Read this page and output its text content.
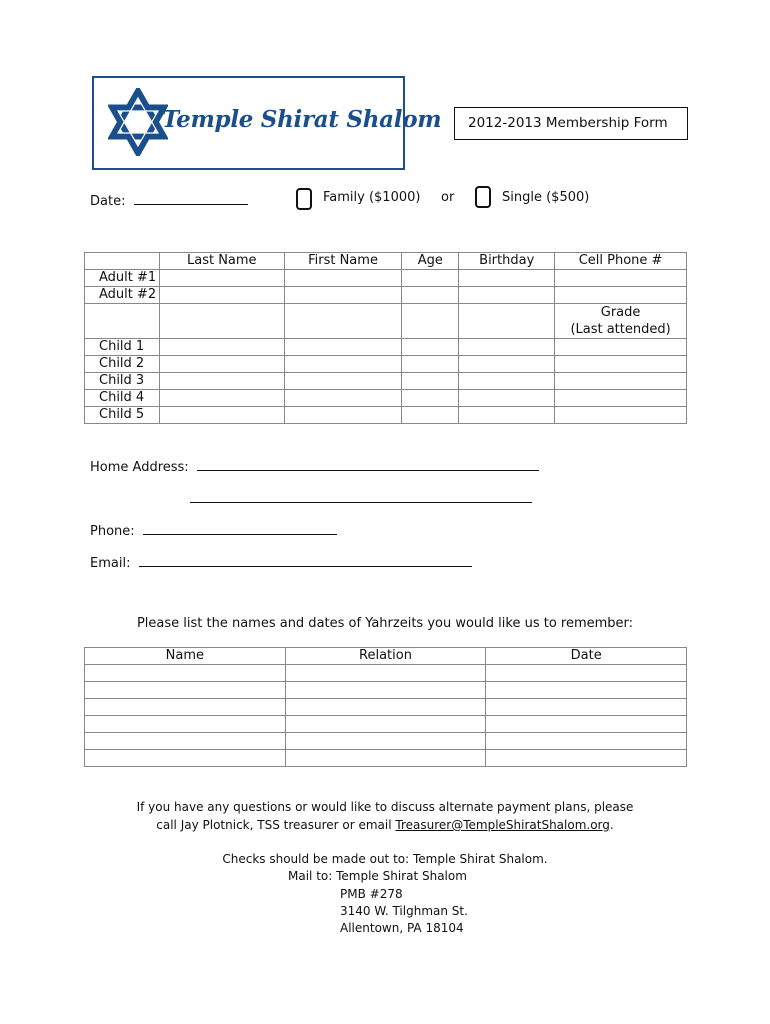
Temple Shirat Shalom	2012-2013 Membership Form
Date:	Family ($1000) or	Single ($500)
	Last Name	First Name	Age	Birthday	Cell Phone #
Adult #1					
Adult #2					

					Grade
(Last attended)

Child 1					
Child 2					
Child 3					
Child 4					
Child 5					
Home Address:
Phone:
Email:
Please list the names and dates of Yahrzeits you would like us to remember:
Name	Relation	Date

If you have any questions or would like to discuss alternate payment plans, please
call Jay Plotnick, TSS treasurer or email Treasurer@TempleShiratShalom.org.
Checks should be made out to: Temple Shirat Shalom.
Mail to: Temple Shirat Shalom
PMB #278
3140 W. Tilghman St.
Allentown, PA 18104
